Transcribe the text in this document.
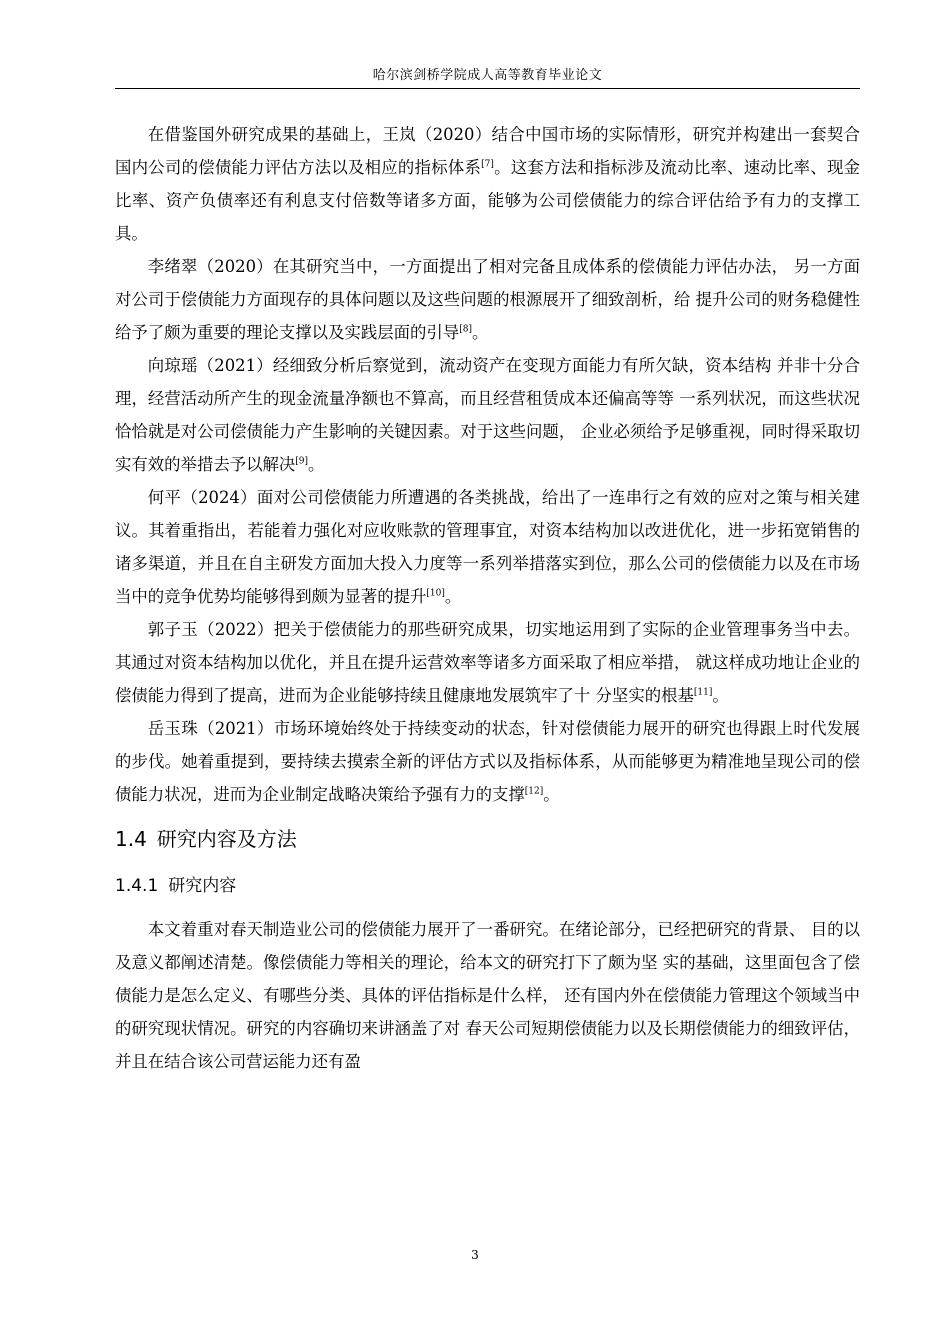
哈尔滨剑桥学院成人高等教育毕业论文

在借鉴国外研究成果的基础上，王岚（2020）结合中国市场的实际情形，研究并构建出一套契合国内公司的偿债能力评估方法以及相应的指标体系[7]。这套方法和指标涉及流动比率、速动比率、现金比率、资产负债率还有利息支付倍数等诸多方面，能够为公司偿债能力的综合评估给予有力的支撑工具。

李绪翠（2020）在其研究当中，一方面提出了相对完备且成体系的偿债能力评估办法， 另一方面对公司于偿债能力方面现存的具体问题以及这些问题的根源展开了细致剖析，给 提升公司的财务稳健性给予了颇为重要的理论支撑以及实践层面的引导[8]。

向琼瑶（2021）经细致分析后察觉到，流动资产在变现方面能力有所欠缺，资本结构 并非十分合理，经营活动所产生的现金流量净额也不算高，而且经营租赁成本还偏高等等 一系列状况，而这些状况恰恰就是对公司偿债能力产生影响的关键因素。对于这些问题， 企业必须给予足够重视，同时得采取切实有效的举措去予以解决[9]。

何平（2024）面对公司偿债能力所遭遇的各类挑战，给出了一连串行之有效的应对之策与相关建议。其着重指出，若能着力强化对应收账款的管理事宜，对资本结构加以改进优化，进一步拓宽销售的诸多渠道，并且在自主研发方面加大投入力度等一系列举措落实到位，那么公司的偿债能力以及在市场当中的竞争优势均能够得到颇为显著的提升[10]。

郭子玉（2022）把关于偿债能力的那些研究成果，切实地运用到了实际的企业管理事务当中去。其通过对资本结构加以优化，并且在提升运营效率等诸多方面采取了相应举措， 就这样成功地让企业的偿债能力得到了提高，进而为企业能够持续且健康地发展筑牢了十 分坚实的根基[11]。

岳玉珠（2021）市场环境始终处于持续变动的状态，针对偿债能力展开的研究也得跟上时代发展的步伐。她着重提到，要持续去摸索全新的评估方式以及指标体系，从而能够更为精准地呈现公司的偿债能力状况，进而为企业制定战略决策给予强有力的支撑[12]。

1.4 研究内容及方法
1.4.1 研究内容

本文着重对春天制造业公司的偿债能力展开了一番研究。在绪论部分，已经把研究的背景、 目的以及意义都阐述清楚。像偿债能力等相关的理论，给本文的研究打下了颇为坚 实的基础，这里面包含了偿债能力是怎么定义、有哪些分类、具体的评估指标是什么样， 还有国内外在偿债能力管理这个领域当中的研究现状情况。研究的内容确切来讲涵盖了对 春天公司短期偿债能力以及长期偿债能力的细致评估，并且在结合该公司营运能力还有盈

3
